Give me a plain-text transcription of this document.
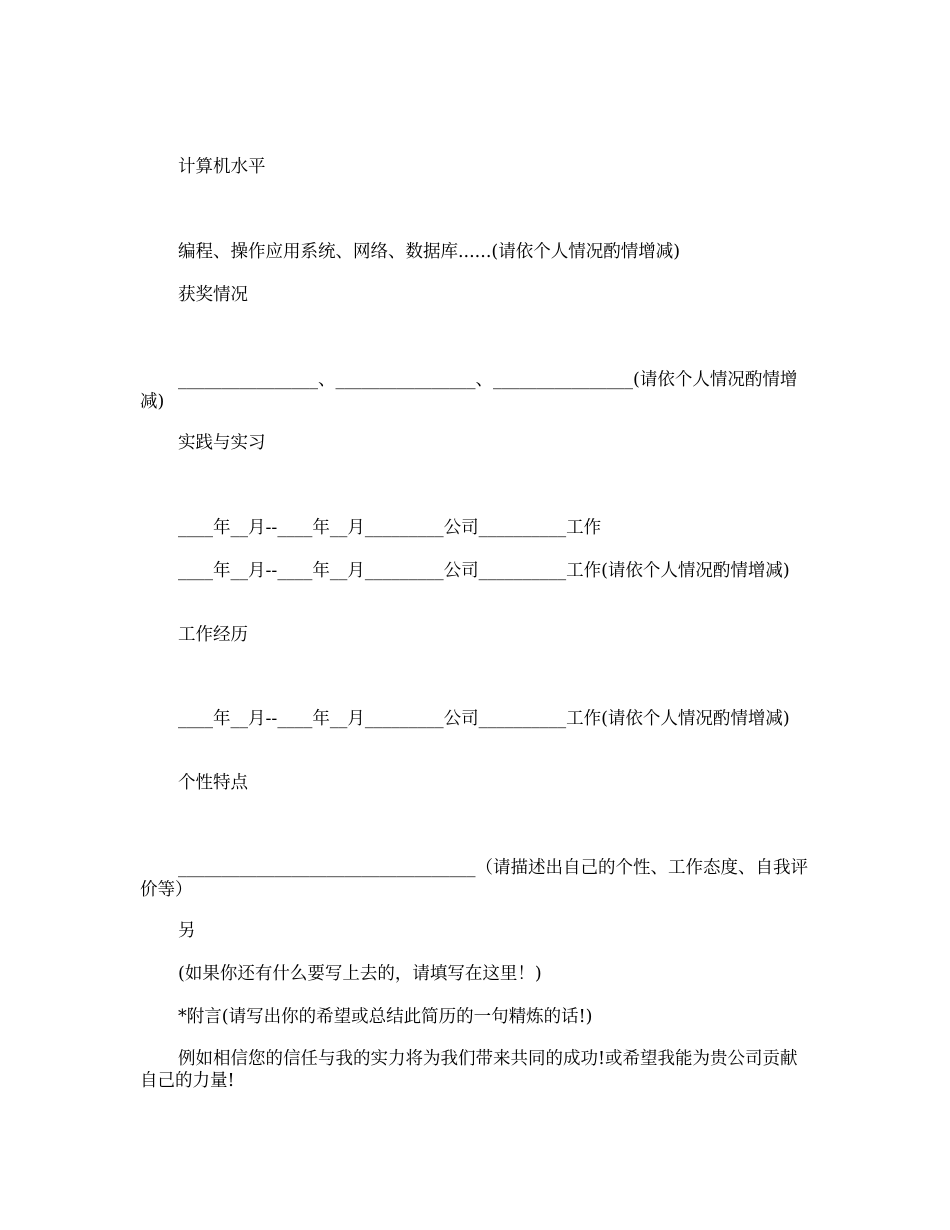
计算机水平
编程、操作应用系统、网络、数据库......(请依个人情况酌情增减)
获奖情况
________________、________________、________________(请依个人情况酌情增减)
实践与实习
____年__月--____年__月_________公司__________工作
____年__月--____年__月_________公司__________工作(请依个人情况酌情增减)
工作经历
____年__月--____年__月_________公司__________工作(请依个人情况酌情增减)
个性特点
__________________________________（请描述出自己的个性、工作态度、自我评价等）
另
(如果你还有什么要写上去的，请填写在这里！)
*附言(请写出你的希望或总结此简历的一句精炼的话!)
例如相信您的信任与我的实力将为我们带来共同的成功!或希望我能为贵公司贡献自己的力量!
